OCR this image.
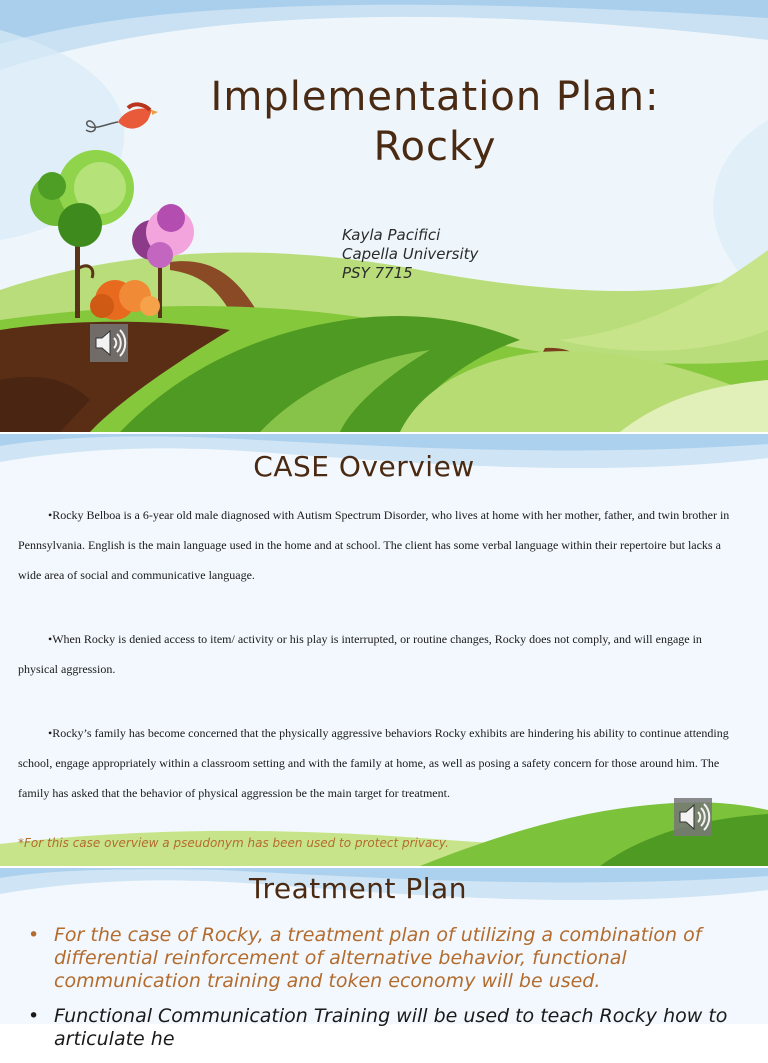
Implementation Plan:
Rocky
Kayla Pacifici
Capella University
PSY 7715
CASE Overview
•Rocky Belboa is a 6-year old male diagnosed with Autism Spectrum Disorder, who lives at home with her mother, father, and twin brother in Pennsylvania. English is the main language used in the home and at school. The client has some verbal language within their repertoire but lacks a wide area of social and communicative language.
•When Rocky is denied access to item/ activity or his play is interrupted, or routine changes, Rocky does not comply, and will engage in physical aggression.
•Rocky’s family has become concerned that the physically aggressive behaviors Rocky exhibits are hindering his ability to continue attending school, engage appropriately within a classroom setting and with the family at home, as well as posing a safety concern for those around him. The family has asked that the behavior of physical aggression be the main target for treatment.
*For this case overview a pseudonym has been used to protect privacy.
Treatment Plan
• For the case of Rocky, a treatment plan of utilizing a combination of differential reinforcement of alternative behavior, functional communication training and token economy will be used.
• Functional Communication Training will be used to teach Rocky how to articulate he
